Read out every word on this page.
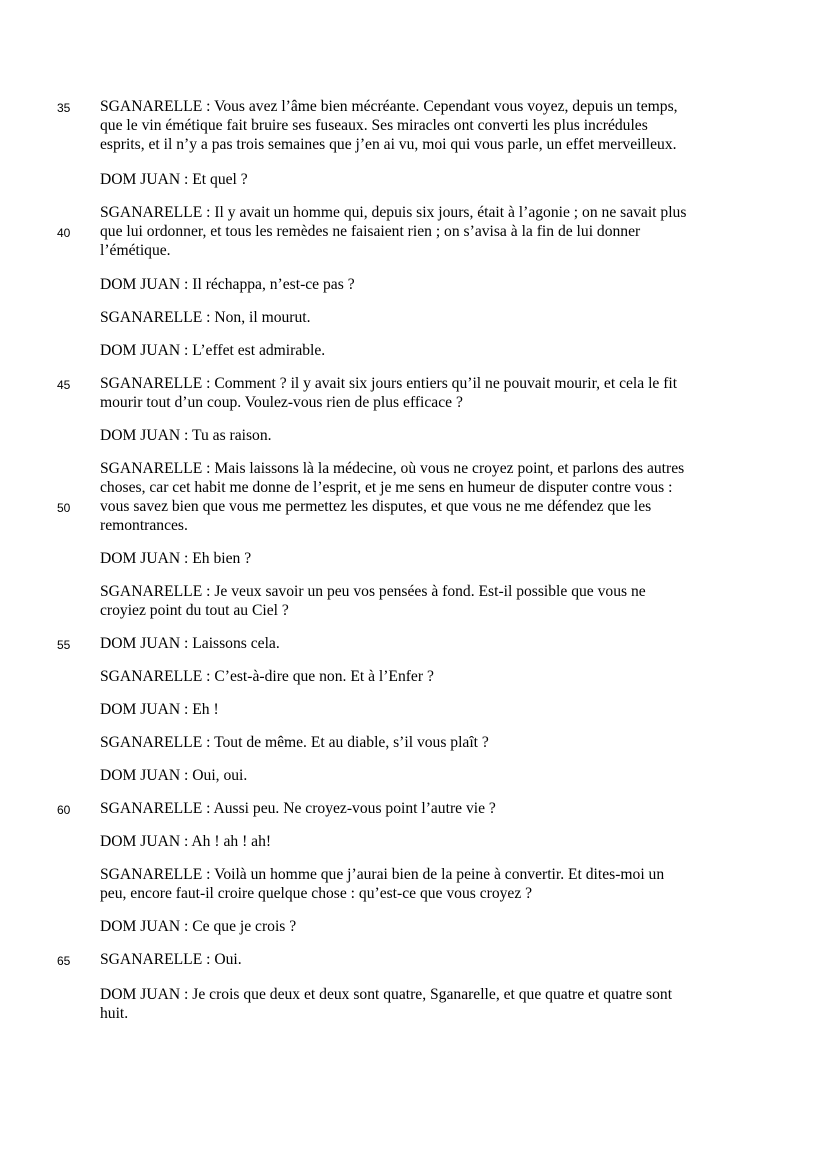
SGANARELLE : Vous avez l’âme bien mécréante. Cependant vous voyez, depuis un temps,
que le vin émétique fait bruire ses fuseaux. Ses miracles ont converti les plus incrédules
esprits, et il n’y a pas trois semaines que j’en ai vu, moi qui vous parle, un effet merveilleux.
DOM JUAN : Et quel ?
SGANARELLE : Il y avait un homme qui, depuis six jours, était à l’agonie ; on ne savait plus
que lui ordonner, et tous les remèdes ne faisaient rien ; on s’avisa à la fin de lui donner
l’émétique.
DOM JUAN : Il réchappa, n’est-ce pas ?
SGANARELLE : Non, il mourut.
DOM JUAN : L’effet est admirable.
SGANARELLE : Comment ? il y avait six jours entiers qu’il ne pouvait mourir, et cela le fit
mourir tout d’un coup. Voulez-vous rien de plus efficace ?
DOM JUAN : Tu as raison.
SGANARELLE : Mais laissons là la médecine, où vous ne croyez point, et parlons des autres
choses, car cet habit me donne de l’esprit, et je me sens en humeur de disputer contre vous :
vous savez bien que vous me permettez les disputes, et que vous ne me défendez que les
remontrances.
DOM JUAN : Eh bien ?
SGANARELLE : Je veux savoir un peu vos pensées à fond. Est-il possible que vous ne
croyiez point du tout au Ciel ?
DOM JUAN : Laissons cela.
SGANARELLE : C’est-à-dire que non. Et à l’Enfer ?
DOM JUAN : Eh !
SGANARELLE : Tout de même. Et au diable, s’il vous plaît ?
DOM JUAN : Oui, oui.
SGANARELLE : Aussi peu. Ne croyez-vous point l’autre vie ?
DOM JUAN : Ah ! ah ! ah!
SGANARELLE : Voilà un homme que j’aurai bien de la peine à convertir. Et dites-moi un
peu, encore faut-il croire quelque chose : qu’est-ce que vous croyez ?
DOM JUAN : Ce que je crois ?
SGANARELLE : Oui.
DOM JUAN : Je crois que deux et deux sont quatre, Sganarelle, et que quatre et quatre sont
huit.
35
40
45
50
55
60
65
